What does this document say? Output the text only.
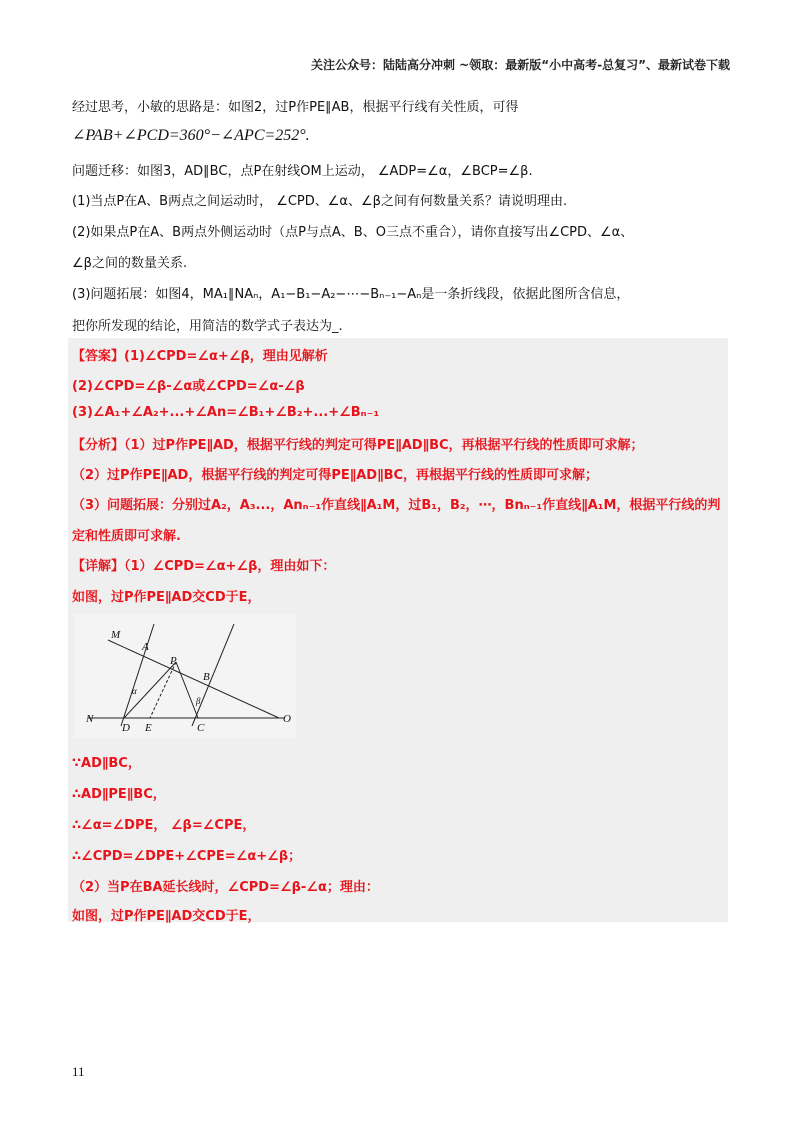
关注公众号：陆陆高分冲刺 ~领取：最新版“小中高考-总复习”、最新试卷下载
经过思考，小敏的思路是：如图2，过P作PE∥AB，根据平行线有关性质，可得
∠PAB+∠PCD=360°−∠APC=252°.
问题迁移：如图3，AD∥BC，点P在射线OM上运动， ∠ADP=∠α，∠BCP=∠β.
(1)当点P在A、B两点之间运动时， ∠CPD、∠α、∠β之间有何数量关系？请说明理由.
(2)如果点P在A、B两点外侧运动时（点P与点A、B、O三点不重合），请你直接写出∠CPD、∠α、
∠β之间的数量关系.
(3)问题拓展：如图4，MA₁∥NAₙ，A₁−B₁−A₂−⋯−Bₙ₋₁−Aₙ是一条折线段，依据此图所含信息，
把你所发现的结论，用简洁的数学式子表达为_.
【答案】(1)∠CPD=∠α+∠β，理由见解析
(2)∠CPD=∠β-∠α或∠CPD=∠α-∠β
(3)∠A₁+∠A₂+...+∠An=∠B₁+∠B₂+...+∠Bₙ₋₁
【分析】（1）过P作PE∥AD，根据平行线的判定可得PE∥AD∥BC，再根据平行线的性质即可求解；
（2）过P作PE∥AD，根据平行线的判定可得PE∥AD∥BC，再根据平行线的性质即可求解；
（3）问题拓展：分别过A₂，A₃...，Anₙ₋₁作直线∥A₁M，过B₁，B₂，⋯，Bnₙ₋₁作直线∥A₁M，根据平行线的判
定和性质即可求解.
【详解】（1）∠CPD=∠α+∠β，理由如下：
如图，过P作PE∥AD交CD于E，
M
A
P
B
α
β
N
D E	C
O
∵AD∥BC，
∴AD∥PE∥BC，
∴∠α=∠DPE， ∠β=∠CPE，
∴∠CPD=∠DPE+∠CPE=∠α+∠β；
（2）当P在BA延长线时，∠CPD=∠β-∠α；理由：
如图，过P作PE∥AD交CD于E，
11
